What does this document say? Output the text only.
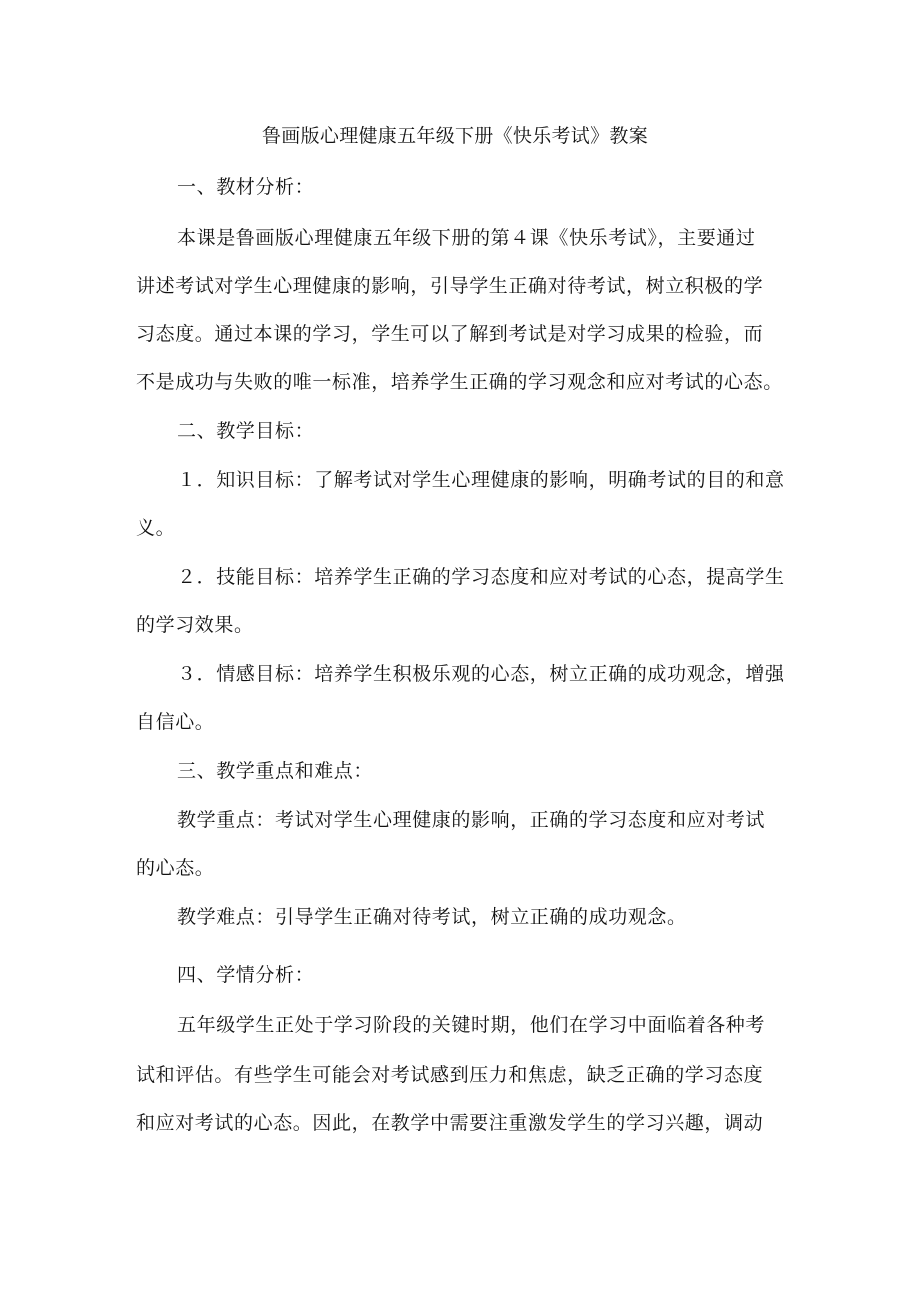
鲁画版心理健康五年级下册《快乐考试》教案
一、教材分析：
本课是鲁画版心理健康五年级下册的第４课《快乐考试》，主要通过
讲述考试对学生心理健康的影响，引导学生正确对待考试，树立积极的学
习态度。通过本课的学习，学生可以了解到考试是对学习成果的检验，而
不是成功与失败的唯一标准，培养学生正确的学习观念和应对考试的心态。
二、教学目标：
１．知识目标：了解考试对学生心理健康的影响，明确考试的目的和意
义。
２．技能目标：培养学生正确的学习态度和应对考试的心态，提高学生
的学习效果。
３．情感目标：培养学生积极乐观的心态，树立正确的成功观念，增强
自信心。
三、教学重点和难点：
教学重点：考试对学生心理健康的影响，正确的学习态度和应对考试
的心态。
教学难点：引导学生正确对待考试，树立正确的成功观念。
四、学情分析：
五年级学生正处于学习阶段的关键时期，他们在学习中面临着各种考
试和评估。有些学生可能会对考试感到压力和焦虑，缺乏正确的学习态度
和应对考试的心态。因此，在教学中需要注重激发学生的学习兴趣，调动
